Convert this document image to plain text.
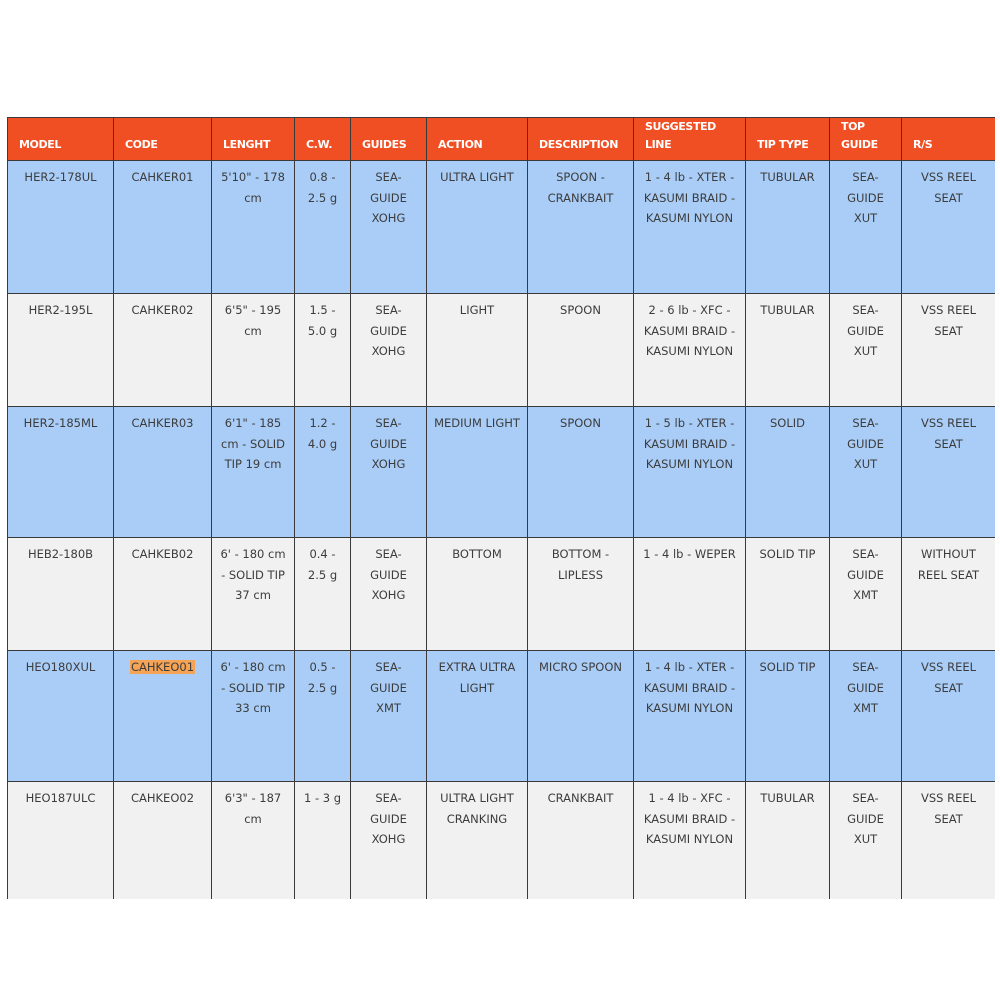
MODEL	CODE	LENGHT	C.W.	GUIDES	ACTION	DESCRIPTION	SUGGESTED LINE	TIP TYPE	TOP GUIDE	R/S
HER2-178UL	CAHKER01	5'10" - 178 cm	0.8 - 2.5 g	SEA-GUIDE XOHG	ULTRA LIGHT	SPOON - CRANKBAIT	1 - 4 lb - XTER - KASUMI BRAID - KASUMI NYLON	TUBULAR	SEA-GUIDE XUT	VSS REEL SEAT
HER2-195L	CAHKER02	6'5" - 195 cm	1.5 - 5.0 g	SEA-GUIDE XOHG	LIGHT	SPOON	2 - 6 lb - XFC - KASUMI BRAID - KASUMI NYLON	TUBULAR	SEA-GUIDE XUT	VSS REEL SEAT
HER2-185ML	CAHKER03	6'1" - 185 cm - SOLID TIP 19 cm	1.2 - 4.0 g	SEA-GUIDE XOHG	MEDIUM LIGHT	SPOON	1 - 5 lb - XTER - KASUMI BRAID - KASUMI NYLON	SOLID	SEA-GUIDE XUT	VSS REEL SEAT
HEB2-180B	CAHKEB02	6' - 180 cm - SOLID TIP 37 cm	0.4 - 2.5 g	SEA-GUIDE XOHG	BOTTOM	BOTTOM - LIPLESS	1 - 4 lb - WEPER	SOLID TIP	SEA-GUIDE XMT	WITHOUT REEL SEAT
HEO180XUL	CAHKEO01	6' - 180 cm - SOLID TIP 33 cm	0.5 - 2.5 g	SEA-GUIDE XMT	EXTRA ULTRA LIGHT	MICRO SPOON	1 - 4 lb - XTER - KASUMI BRAID - KASUMI NYLON	SOLID TIP	SEA-GUIDE XMT	VSS REEL SEAT
HEO187ULC	CAHKEO02	6'3" - 187 cm	1 - 3 g	SEA-GUIDE XOHG	ULTRA LIGHT CRANKING	CRANKBAIT	1 - 4 lb - XFC - KASUMI BRAID - KASUMI NYLON	TUBULAR	SEA-GUIDE XUT	VSS REEL SEAT
